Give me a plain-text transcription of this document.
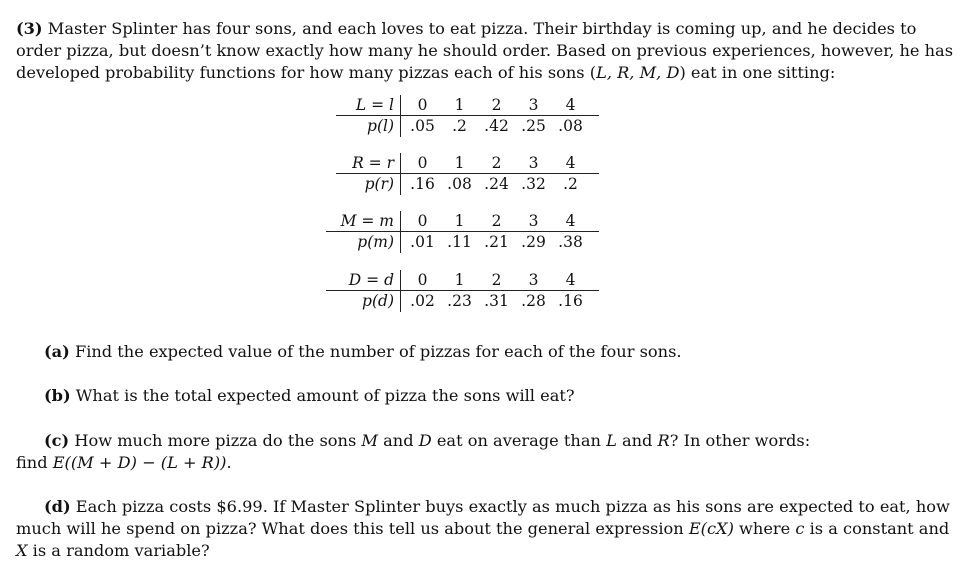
(3) Master Splinter has four sons, and each loves to eat pizza. Their birthday is coming up, and he decides to order pizza, but doesn’t know exactly how many he should order. Based on previous experiences, however, he has developed probability functions for how many pizzas each of his sons (L, R, M, D) eat in one sitting:

L = l	0	1	2	3	4
p(l)	.05	.2	.42 .25 .08
R = r	0	1	2	3	4
p(r)	.16 .08 .24 .32	.2
M = m	0	1	2	3	4
p(m)	.01 .11 .21 .29 .38
D = d	0	1	2	3	4
p(d)	.02 .23 .31 .28 .16

(a) Find the expected value of the number of pizzas for each of the four sons.

(b) What is the total expected amount of pizza the sons will eat?

(c) How much more pizza do the sons M and D eat on average than L and R? In other words:
find E((M + D) − (L + R)).

(d) Each pizza costs $6.99. If Master Splinter buys exactly as much pizza as his sons are expected to eat, how much will he spend on pizza? What does this tell us about the general expression E(cX) where c is a constant and X is a random variable?
